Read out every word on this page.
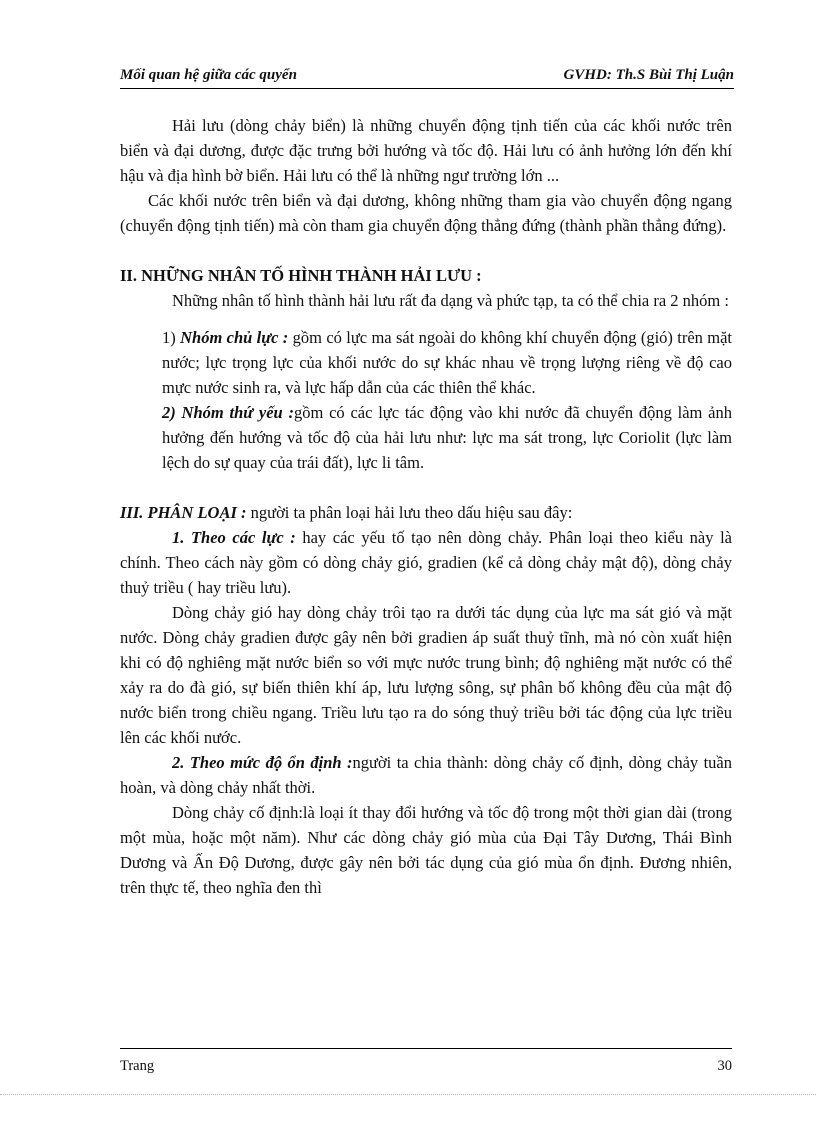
Mối quan hệ giữa các quyển	GVHD: Th.S Bùi Thị Luận

Hải lưu (dòng chảy biển) là những chuyển động tịnh tiến của các khối nước trên biển và đại dương, được đặc trưng bởi hướng và tốc độ. Hải lưu có ảnh hưởng lớn đến khí hậu và địa hình bờ biển. Hải lưu có thể là những ngư trường lớn ...

Các khối nước trên biển và đại dương, không những tham gia vào chuyển động ngang (chuyển động tịnh tiến) mà còn tham gia chuyển động thẳng đứng (thành phần thẳng đứng).

II. NHỮNG NHÂN TỐ HÌNH THÀNH HẢI LƯU :

Những nhân tố hình thành hải lưu rất đa dạng và phức tạp, ta có thể chia ra 2 nhóm :

1) Nhóm chủ lực : gồm có lực ma sát ngoài do không khí chuyển động (gió) trên mặt nước; lực trọng lực của khối nước do sự khác nhau về trọng lượng riêng về độ cao mực nước sinh ra, và lực hấp dẫn của các thiên thể khác.

2) Nhóm thứ yếu :gồm có các lực tác động vào khi nước đã chuyển động làm ảnh hưởng đến hướng và tốc độ của hải lưu như: lực ma sát trong, lực Coriolit (lực làm lệch do sự quay của trái đất), lực li tâm.

III. PHÂN LOẠI : người ta phân loại hải lưu theo dấu hiệu sau đây:

1. Theo các lực : hay các yếu tố tạo nên dòng chảy. Phân loại theo kiểu này là chính. Theo cách này gồm có dòng chảy gió, gradien (kể cả dòng chảy mật độ), dòng chảy thuỷ triều ( hay triều lưu).

Dòng chảy gió hay dòng chảy trôi tạo ra dưới tác dụng của lực ma sát gió và mặt nước. Dòng chảy gradien được gây nên bởi gradien áp suất thuỷ tĩnh, mà nó còn xuất hiện khi có độ nghiêng mặt nước biển so với mực nước trung bình; độ nghiêng mặt nước có thể xảy ra do đà gió, sự biến thiên khí áp, lưu lượng sông, sự phân bố không đều của mật độ nước biển trong chiều ngang. Triều lưu tạo ra do sóng thuỷ triều bởi tác động của lực triều lên các khối nước.

2. Theo mức độ ổn định :người ta chia thành: dòng chảy cố định, dòng chảy tuần hoàn, và dòng chảy nhất thời.

Dòng chảy cố định:là loại ít thay đổi hướng và tốc độ trong một thời gian dài (trong một mùa, hoặc một năm). Như các dòng chảy gió mùa của Đại Tây Dương, Thái Bình Dương và Ấn Độ Dương, được gây nên bởi tác dụng của gió mùa ổn định. Đương nhiên, trên thực tế, theo nghĩa đen thì

Trang	30
